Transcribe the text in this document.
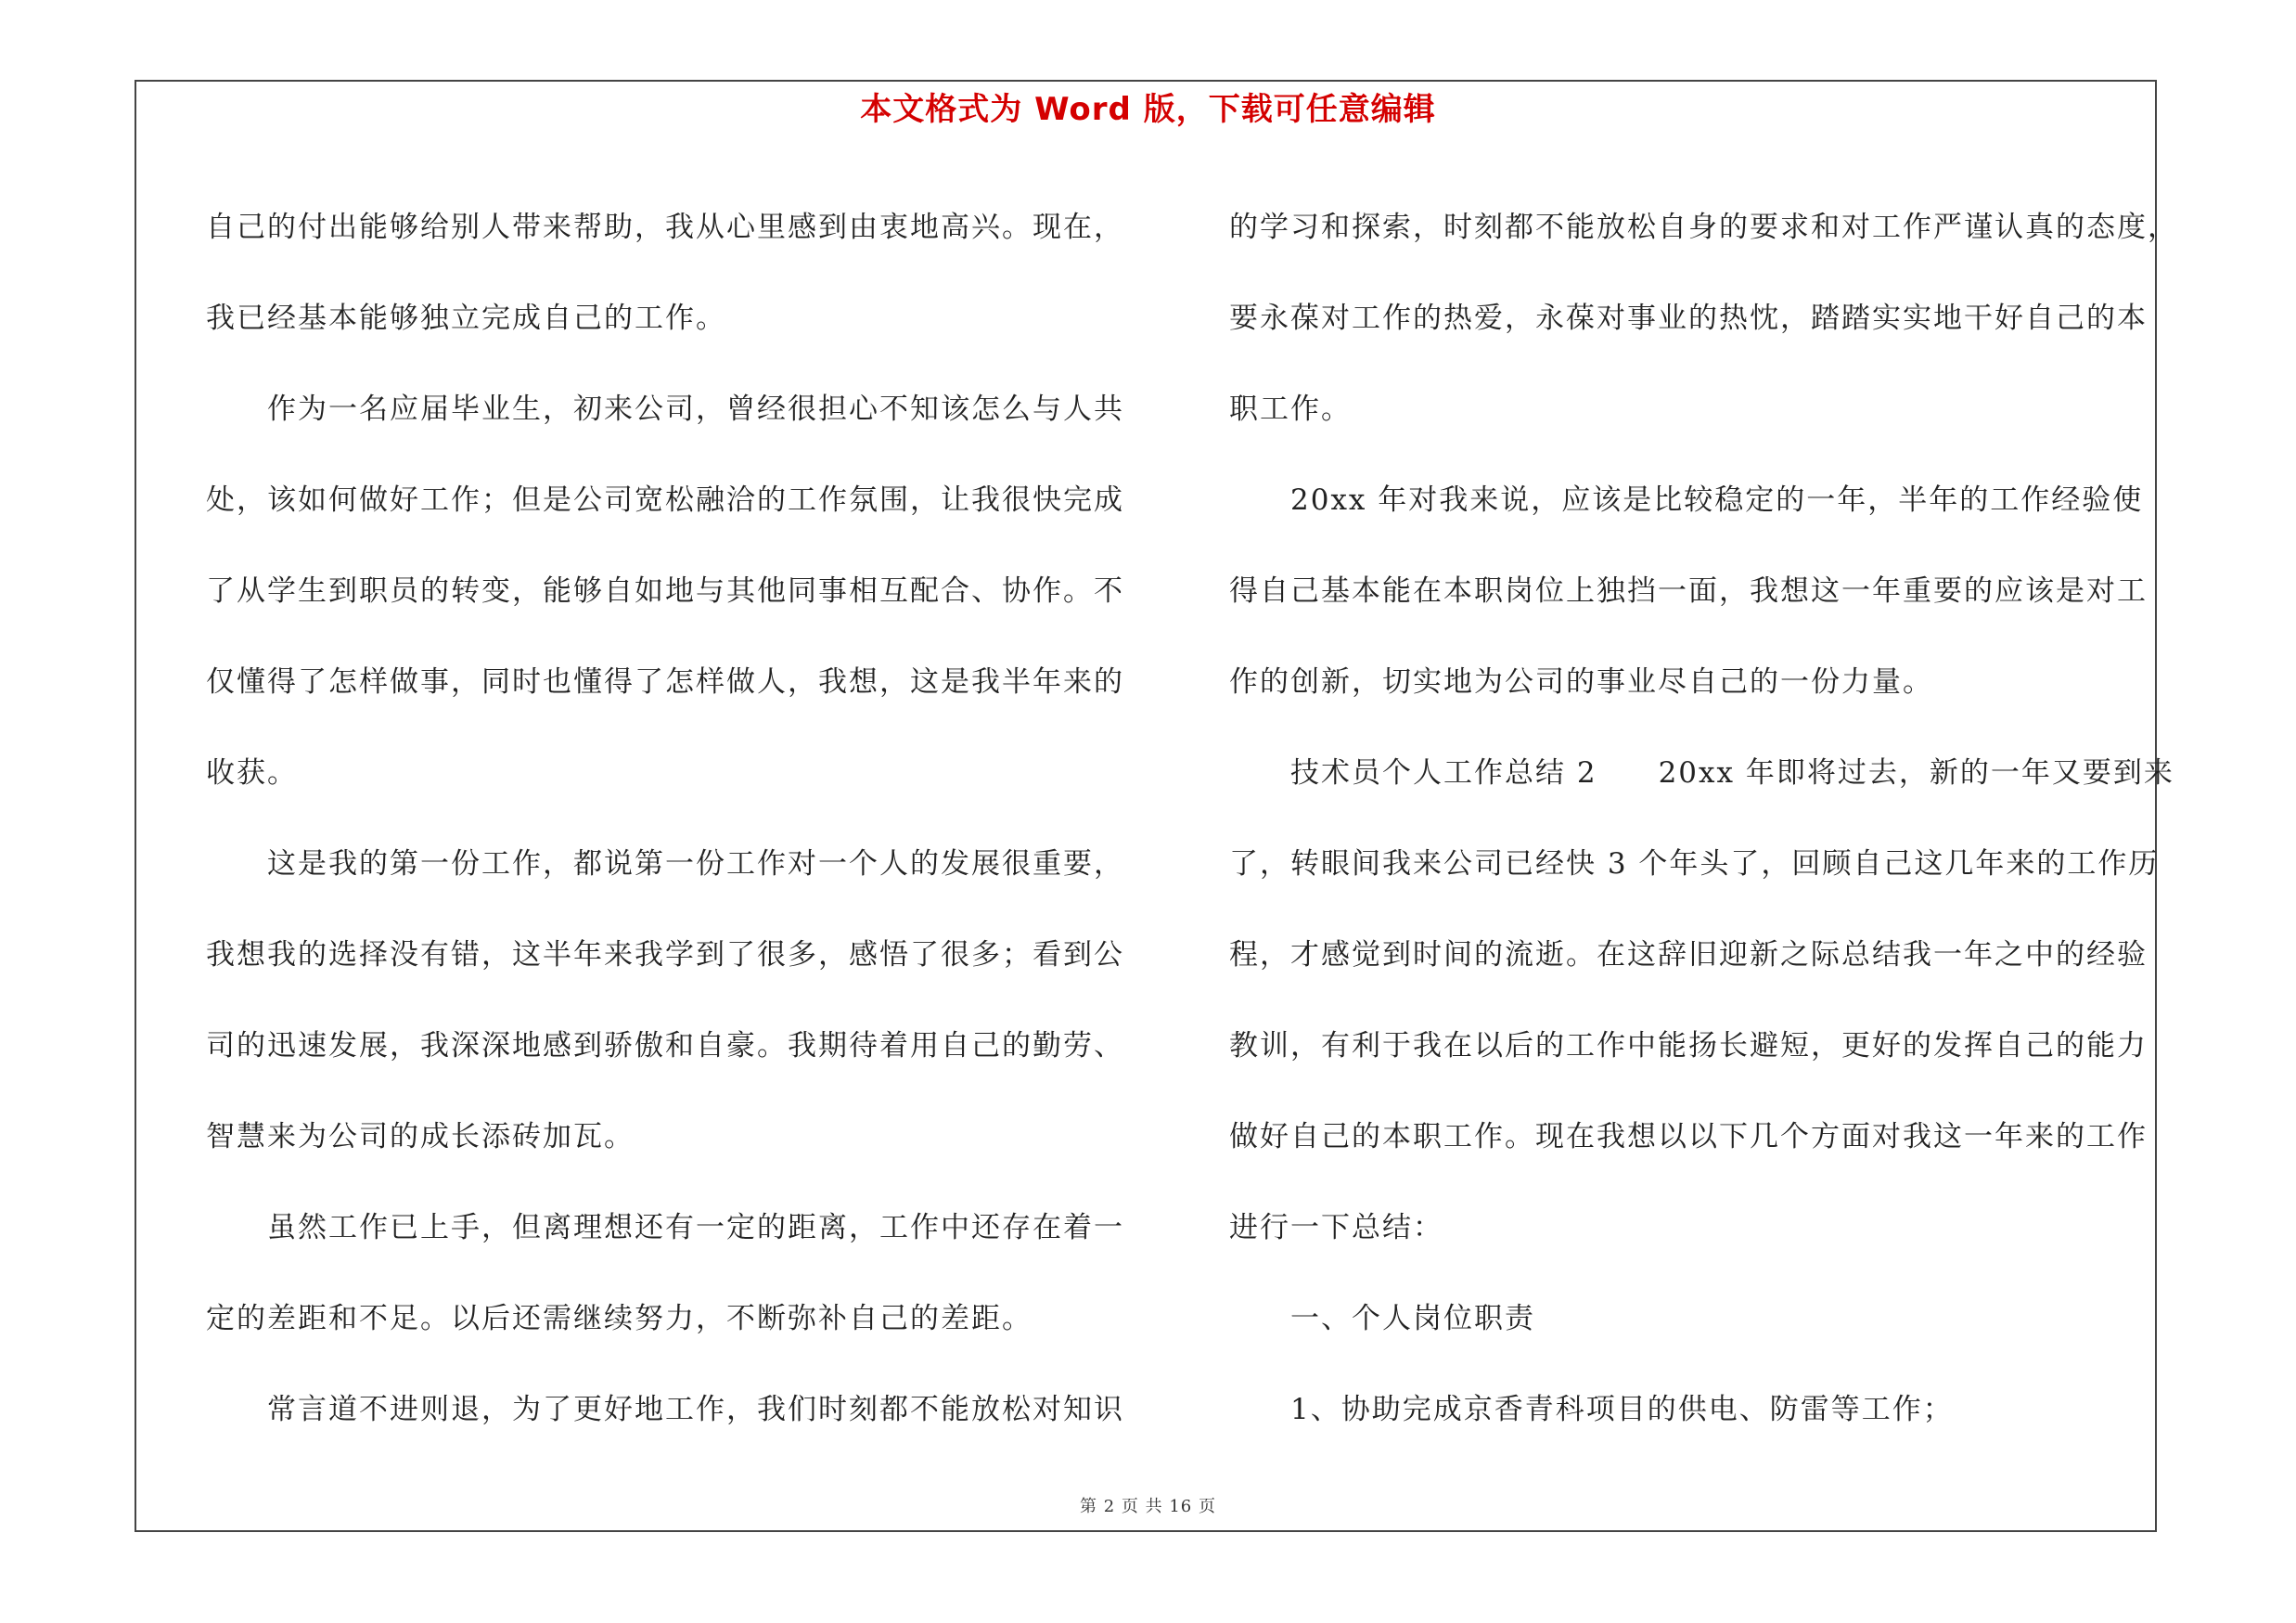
本文格式为 Word 版，下载可任意编辑
自己的付出能够给别人带来帮助，我从心里感到由衷地高兴。现在，
我已经基本能够独立完成自己的工作。
　　作为一名应届毕业生，初来公司，曾经很担心不知该怎么与人共
处，该如何做好工作；但是公司宽松融洽的工作氛围，让我很快完成
了从学生到职员的转变，能够自如地与其他同事相互配合、协作。不
仅懂得了怎样做事，同时也懂得了怎样做人，我想，这是我半年来的
收获。
　　这是我的第一份工作，都说第一份工作对一个人的发展很重要，
我想我的选择没有错，这半年来我学到了很多，感悟了很多；看到公
司的迅速发展，我深深地感到骄傲和自豪。我期待着用自己的勤劳、
智慧来为公司的成长添砖加瓦。
　　虽然工作已上手，但离理想还有一定的距离，工作中还存在着一
定的差距和不足。以后还需继续努力，不断弥补自己的差距。
　　常言道不进则退，为了更好地工作，我们时刻都不能放松对知识
的学习和探索，时刻都不能放松自身的要求和对工作严谨认真的态度，
要永葆对工作的热爱，永葆对事业的热忱，踏踏实实地干好自己的本
职工作。
　　20xx 年对我来说，应该是比较稳定的一年，半年的工作经验使
得自己基本能在本职岗位上独挡一面，我想这一年重要的应该是对工
作的创新，切实地为公司的事业尽自己的一份力量。
　　技术员个人工作总结 2　　20xx 年即将过去，新的一年又要到来
了，转眼间我来公司已经快 3 个年头了，回顾自己这几年来的工作历
程，才感觉到时间的流逝。在这辞旧迎新之际总结我一年之中的经验
教训，有利于我在以后的工作中能扬长避短，更好的发挥自己的能力
做好自己的本职工作。现在我想以以下几个方面对我这一年来的工作
进行一下总结：
　　一、个人岗位职责
　　1、协助完成京香青科项目的供电、防雷等工作；
第 2 页 共 16 页
